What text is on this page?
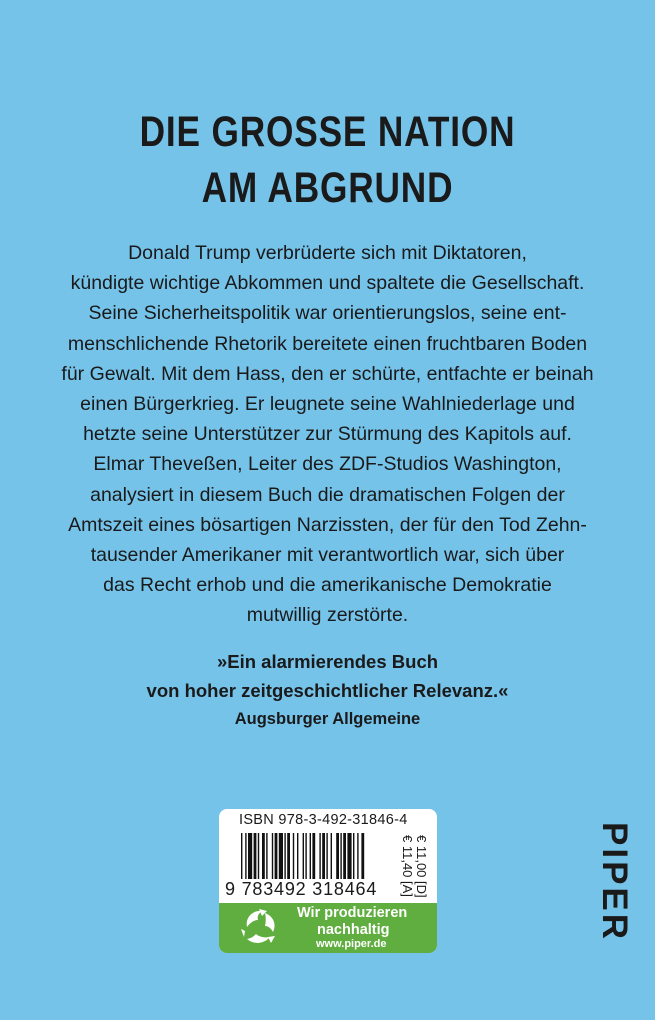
DIE GROSSE NATION
AM ABGRUND
Donald Trump verbrüderte sich mit Diktatoren,
kündigte wichtige Abkommen und spaltete die Gesellschaft.
Seine Sicherheitspolitik war orientierungslos, seine ent-
menschlichende Rhetorik bereitete einen fruchtbaren Boden
für Gewalt. Mit dem Hass, den er schürte, entfachte er beinah
einen Bürgerkrieg. Er leugnete seine Wahlniederlage und
hetzte seine Unterstützer zur Stürmung des Kapitols auf.
Elmar Theveßen, Leiter des ZDF-Studios Washington,
analysiert in diesem Buch die dramatischen Folgen der
Amtszeit eines bösartigen Narzissten, der für den Tod Zehn-
tausender Amerikaner mit verantwortlich war, sich über
das Recht erhob und die amerikanische Demokratie
mutwillig zerstörte.
»Ein alarmierendes Buch
von hoher zeitgeschichtlicher Relevanz.«
Augsburger Allgemeine
ISBN 978-3-492-31846-4
€ 11,00 [D]
€ 11,40 [A]
9 783492 318464
Wir produzieren
nachhaltig
www.piper.de
PIPER
